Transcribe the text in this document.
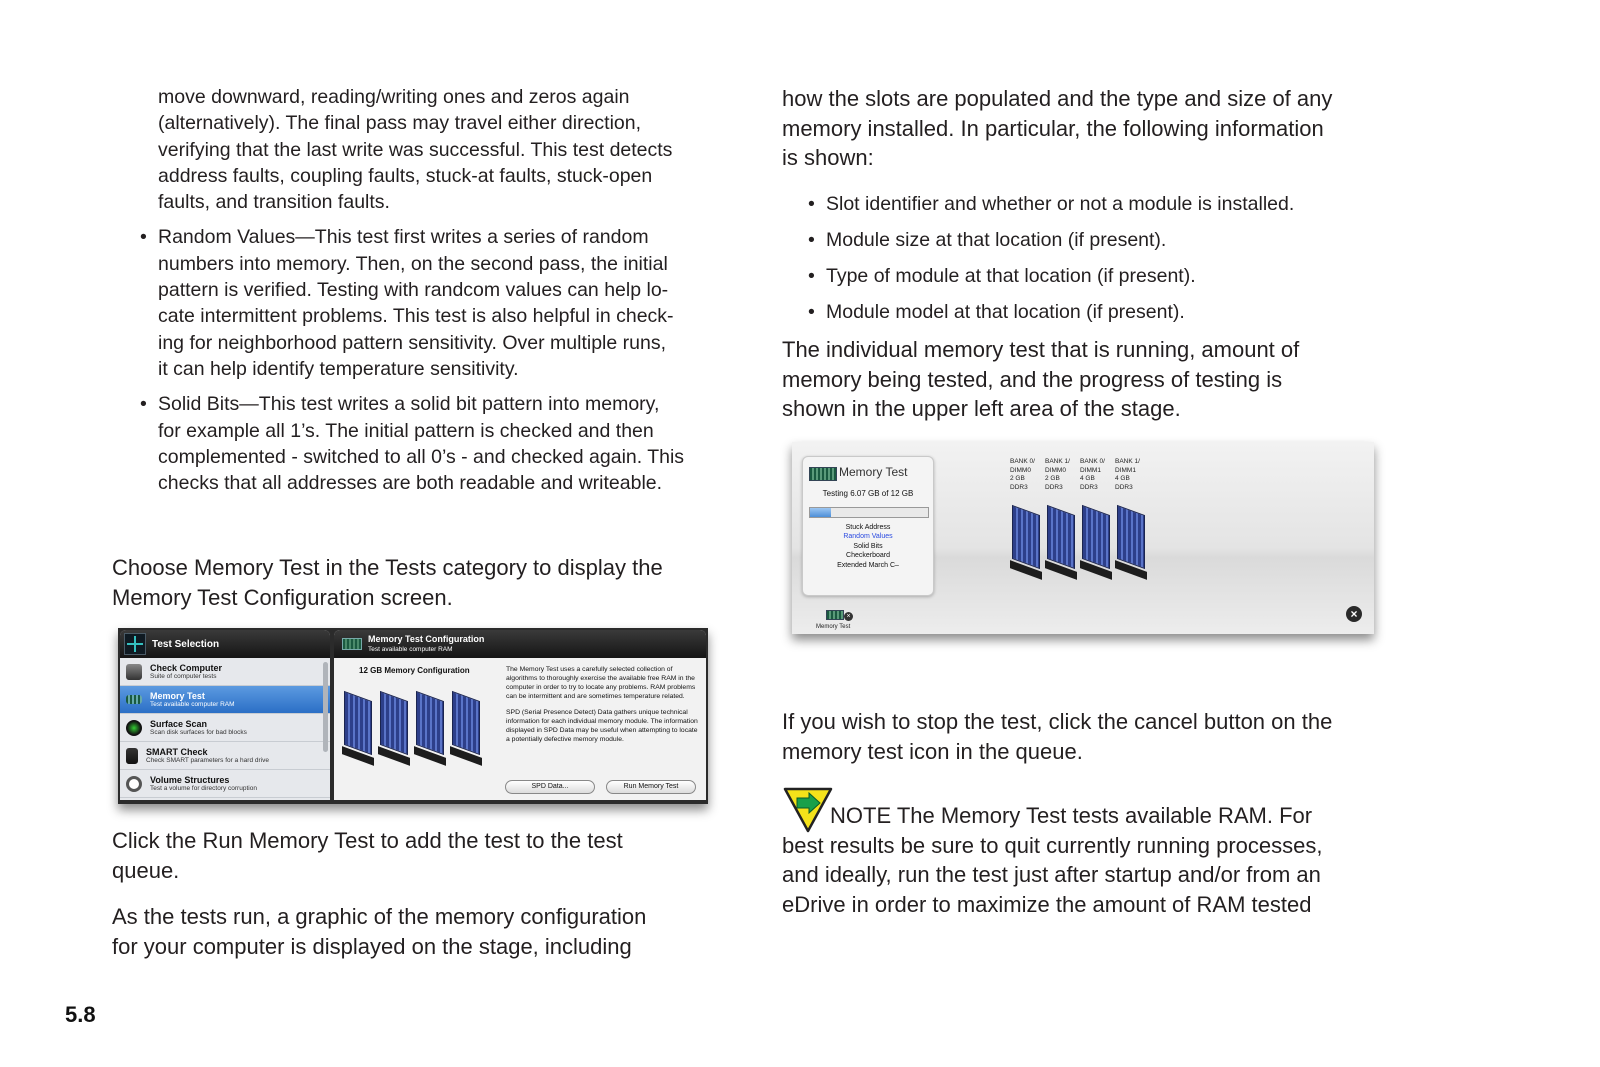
move downward, reading/writing ones and zeros again
(alternatively). The final pass may travel either direction,
verifying that the last write was successful. This test detects
address faults, coupling faults, stuck-at faults, stuck-open
faults, and transition faults.
• Random Values—This test first writes a series of random
numbers into memory. Then, on the second pass, the initial
pattern is verified. Testing with randcom values can help lo-
cate intermittent problems. This test is also helpful in check-
ing for neighborhood pattern sensitivity. Over multiple runs,
it can help identify temperature sensitivity.
• Solid Bits—This test writes a solid bit pattern into memory,
for example all 1’s. The initial pattern is checked and then
complemented - switched to all 0’s - and checked again. This
checks that all addresses are both readable and writeable.
Choose Memory Test in the Tests category to display the
Memory Test Configuration screen.
Test Selection
Check Computer
Suite of computer tests
Memory Test
Test available computer RAM
Surface Scan
Scan disk surfaces for bad blocks
SMART Check
Check SMART parameters for a hard drive
Volume Structures
Test a volume for directory corruption
Memory Test Configuration
Test available computer RAM
12 GB Memory Configuration	The Memory Test uses a carefully selected collection of algorithms to thoroughly exercise the available free RAM in the computer in order to try to locate any problems. RAM problems can be intermittent and are sometimes temperature related.

SPD (Serial Presence Detect) Data gathers unique technical information for each individual memory module. The information displayed in SPD Data may be useful when attempting to locate a potentially defective memory module.

SPD Data...	Run Memory Test
Click the Run Memory Test to add the test to the test
queue.
As the tests run, a graphic of the memory configuration
for your computer is displayed on the stage, including
5.8
how the slots are populated and the type and size of any
memory installed. In particular, the following information
is shown:
• Slot identifier and whether or not a module is installed.
• Module size at that location (if present).
• Type of module at that location (if present).
• Module model at that location (if present).
The individual memory test that is running, amount of
memory being tested, and the progress of testing is
shown in the upper left area of the stage.
Memory Test
Testing 6.07 GB of 12 GB
Stuck Address
Random Values
Solid Bits
Checkerboard
Extended March C–
BANK 0/
DIMM0
2 GB
DDR3
BANK 1/
DIMM0
2 GB
DDR3
BANK 0/
DIMM1
4 GB
DDR3
BANK 1/
DIMM1
4 GB
DDR3
×
Memory Test
×
If you wish to stop the test, click the cancel button on the
memory test icon in the queue.
NOTE The Memory Test tests available RAM. For
best results be sure to quit currently running processes,
and ideally, run the test just after startup and/or from an
eDrive in order to maximize the amount of RAM tested
